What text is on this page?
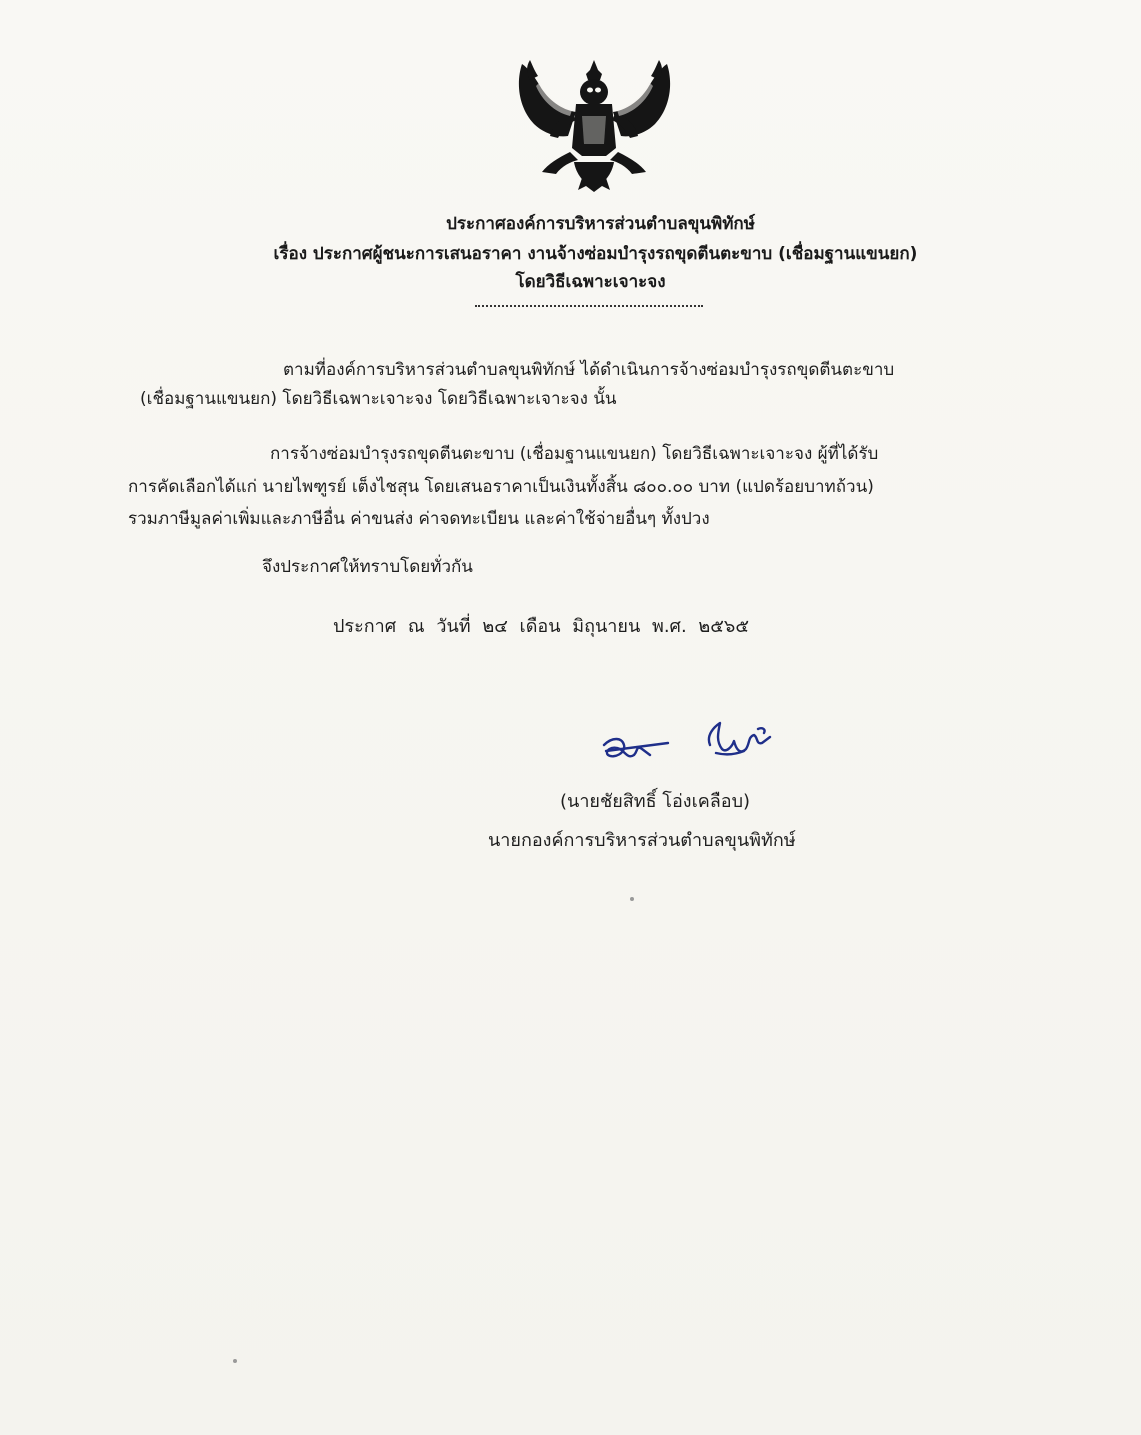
ประกาศองค์การบริหารส่วนตำบลขุนพิทักษ์
เรื่อง ประกาศผู้ชนะการเสนอราคา งานจ้างซ่อมบำรุงรถขุดตีนตะขาบ (เชื่อมฐานแขนยก)
โดยวิธีเฉพาะเจาะจง
ตามที่องค์การบริหารส่วนตำบลขุนพิทักษ์ ได้ดำเนินการจ้างซ่อมบำรุงรถขุดตีนตะขาบ
(เชื่อมฐานแขนยก) โดยวิธีเฉพาะเจาะจง โดยวิธีเฉพาะเจาะจง นั้น
การจ้างซ่อมบำรุงรถขุดตีนตะขาบ (เชื่อมฐานแขนยก) โดยวิธีเฉพาะเจาะจง ผู้ที่ได้รับ
การคัดเลือกได้แก่ นายไพฑูรย์ เต็งไชสุน โดยเสนอราคาเป็นเงินทั้งสิ้น ๘๐๐.๐๐ บาท (แปดร้อยบาทถ้วน)
รวมภาษีมูลค่าเพิ่มและภาษีอื่น ค่าขนส่ง ค่าจดทะเบียน และค่าใช้จ่ายอื่นๆ ทั้งปวง
จึงประกาศให้ทราบโดยทั่วกัน
ประกาศ ณ วันที่ ๒๔ เดือน มิถุนายน พ.ศ. ๒๕๖๕
(นายชัยสิทธิ์ โอ่งเคลือบ)
นายกองค์การบริหารส่วนตำบลขุนพิทักษ์
